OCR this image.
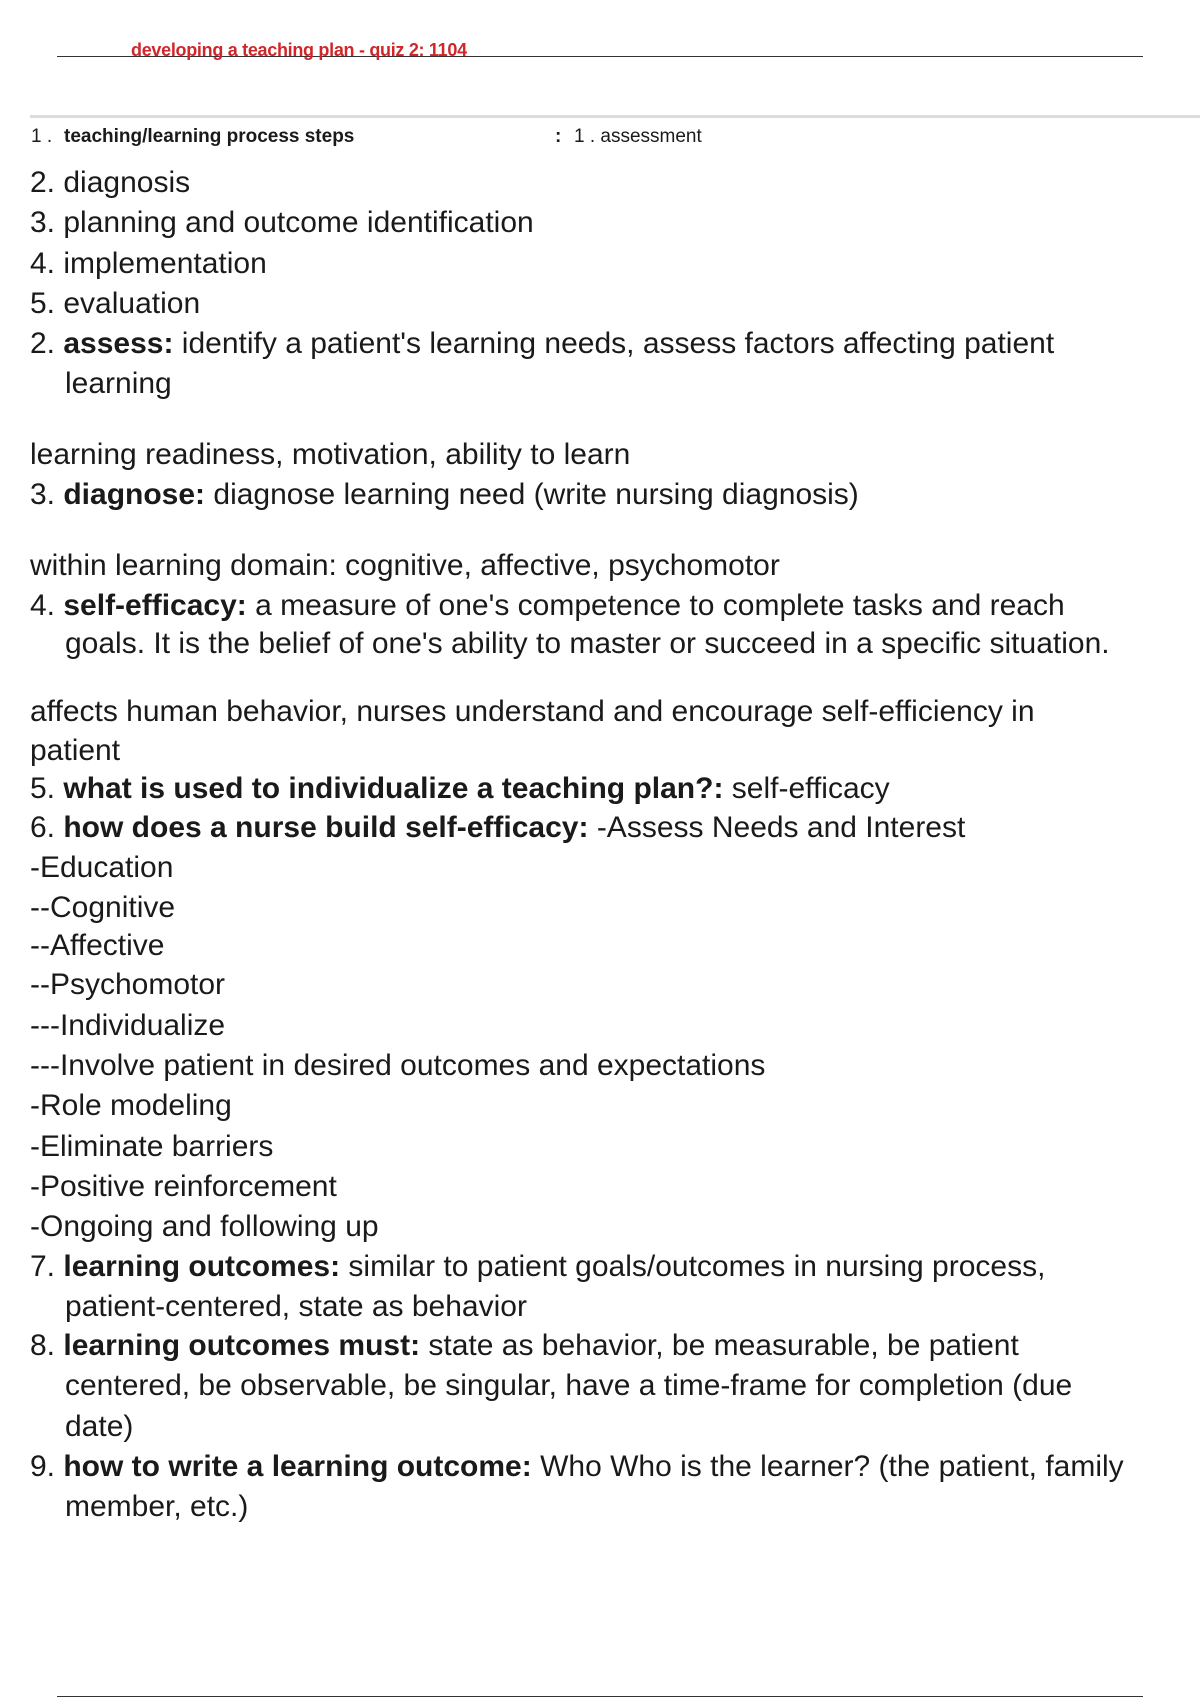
developing a teaching plan - quiz 2: 1104
1 . teaching/learning process steps	: 1 . assessment
2. diagnosis
3. planning and outcome identification
4. implementation
5. evaluation
2. assess: identify a patient's learning needs, assess factors affecting patient
learning
learning readiness, motivation, ability to learn
3. diagnose: diagnose learning need (write nursing diagnosis)
within learning domain: cognitive, affective, psychomotor
4. self-efficacy: a measure of one's competence to complete tasks and reach
goals. It is the belief of one's ability to master or succeed in a specific situation.
affects human behavior, nurses understand and encourage self-efficiency in
patient
5. what is used to individualize a teaching plan?: self-efficacy
6. how does a nurse build self-efficacy: -Assess Needs and Interest
-Education
--Cognitive
--Affective
--Psychomotor
---Individualize
---Involve patient in desired outcomes and expectations
-Role modeling
-Eliminate barriers
-Positive reinforcement
-Ongoing and following up
7. learning outcomes: similar to patient goals/outcomes in nursing process,
patient-centered, state as behavior
8. learning outcomes must: state as behavior, be measurable, be patient
centered, be observable, be singular, have a time-frame for completion (due
date)
9. how to write a learning outcome: Who Who is the learner? (the patient, family
member, etc.)
